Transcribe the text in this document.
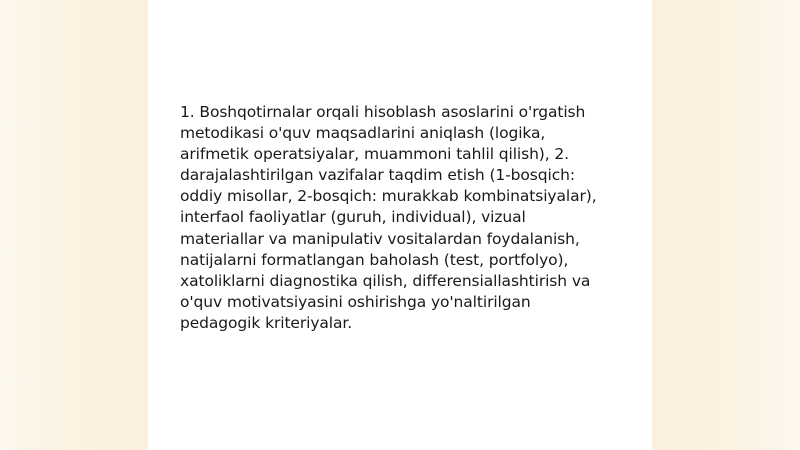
1. Boshqotirnalar orqali hisoblash asoslarini o'rgatish
metodikasi o'quv maqsadlarini aniqlash (logika,
arifmetik operatsiyalar, muammoni tahlil qilish), 2.
darajalashtirilgan vazifalar taqdim etish (1-bosqich:
oddiy misollar, 2-bosqich: murakkab kombinatsiyalar),
interfaol faoliyatlar (guruh, individual), vizual
materiallar va manipulativ vositalardan foydalanish,
natijalarni formatlangan baholash (test, portfolyo),
xatoliklarni diagnostika qilish, differensiallashtirish va
o'quv motivatsiyasini oshirishga yo'naltirilgan
pedagogik kriteriyalar.
